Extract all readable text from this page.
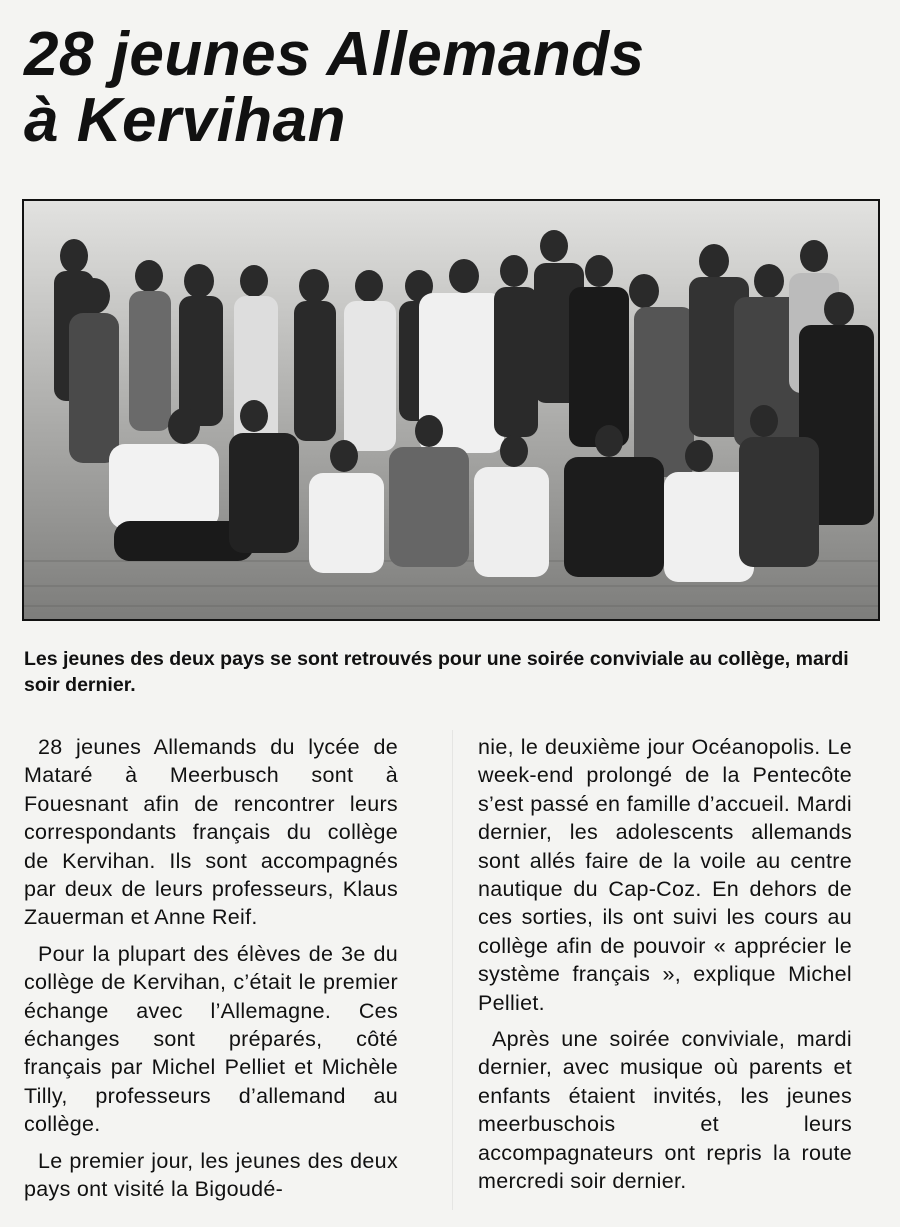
28 jeunes Allemands
à Kervihan

Les jeunes des deux pays se sont retrouvés pour une soirée conviviale au collège, mardi soir dernier.

28 jeunes Allemands du lycée de Mataré à Meerbusch sont à Fouesnant afin de rencontrer leurs correspondants français du collège de Kervihan. Ils sont accompagnés par deux de leurs professeurs, Klaus Zauerman et Anne Reif.

Pour la plupart des élèves de 3e du collège de Kervihan, c’était le premier échange avec l’Allemagne. Ces échanges sont préparés, côté français par Michel Pelliet et Michèle Tilly, professeurs d’allemand au collège.

Le premier jour, les jeunes des deux pays ont visité la Bigoudé-

nie, le deuxième jour Océanopolis. Le week-end prolongé de la Pentecôte s’est passé en famille d’accueil. Mardi dernier, les adolescents allemands sont allés faire de la voile au centre nautique du Cap-Coz. En dehors de ces sorties, ils ont suivi les cours au collège afin de pouvoir « apprécier le système français », explique Michel Pelliet.

Après une soirée conviviale, mardi dernier, avec musique où parents et enfants étaient invités, les jeunes meerbuschois et leurs accompagnateurs ont repris la route mercredi soir dernier.
